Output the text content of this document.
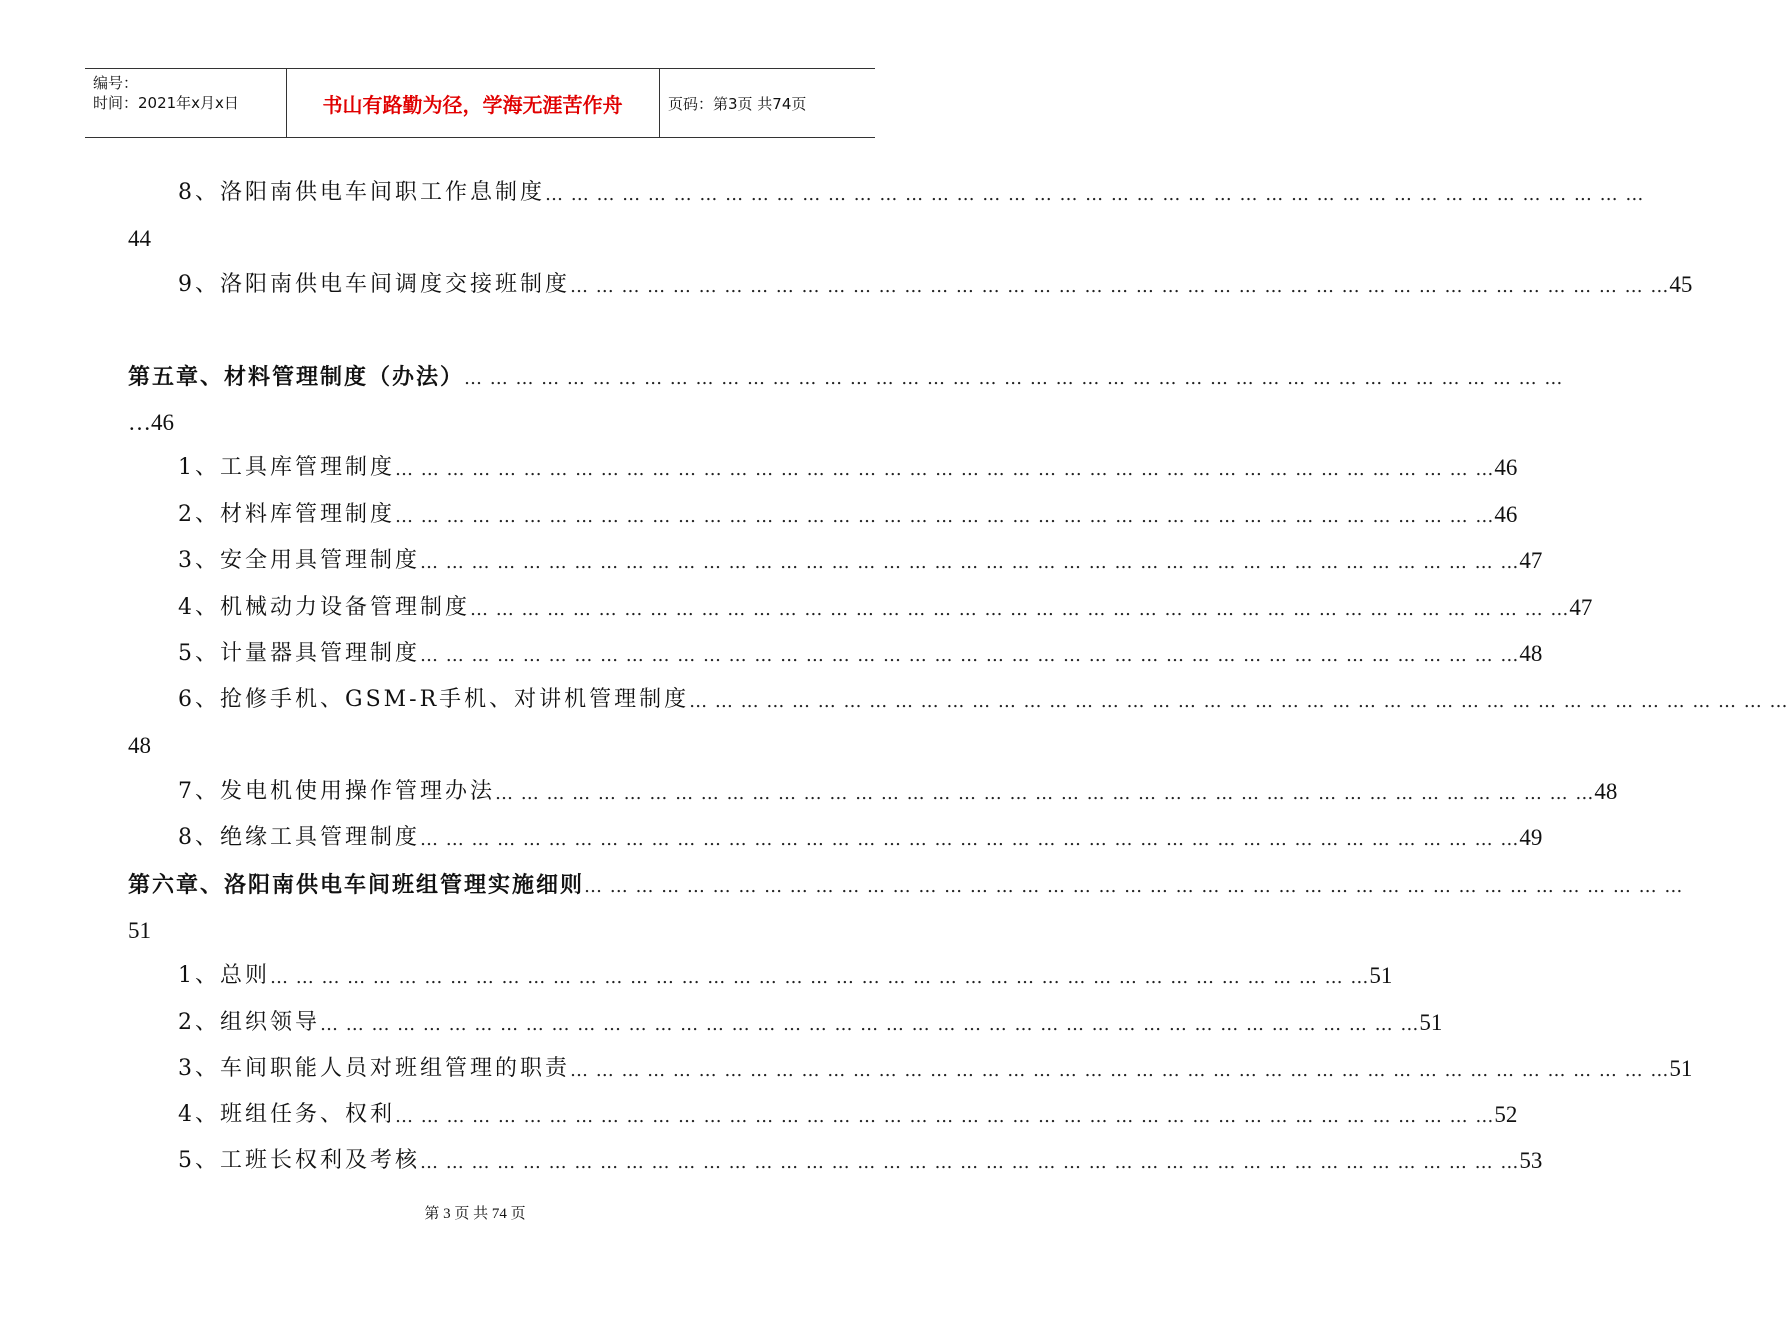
编号：
时间：2021年x月x日	书山有路勤为径，学海无涯苦作舟	页码：第3页 共74页
8、 洛阳南供电车间职工作息制度 … … … … … … … … … … … … … … … … … … … … … … … … … … … … … … … … … … … … … … … … … … …
44
9、 洛阳南供电车间调度交接班制度 … … … … … … … … … … … … … … … … … … … … … … … … … … … … … … … … … … … … … … … … … … … 45
第五章、材料管理制度（办法） … … … … … … … … … … … … … … … … … … … … … … … … … … … … … … … … … … … … … … … … … … …
…46
1、 工具库管理制度 … … … … … … … … … … … … … … … … … … … … … … … … … … … … … … … … … … … … … … … … … … … 46
2、 材料库管理制度 … … … … … … … … … … … … … … … … … … … … … … … … … … … … … … … … … … … … … … … … … … … 46
3、 安全用具管理制度 … … … … … … … … … … … … … … … … … … … … … … … … … … … … … … … … … … … … … … … … … … … 47
4、 机械动力设备管理制度 … … … … … … … … … … … … … … … … … … … … … … … … … … … … … … … … … … … … … … … … … … … 47
5、 计量器具管理制度 … … … … … … … … … … … … … … … … … … … … … … … … … … … … … … … … … … … … … … … … … … … 48
6、 抢修手机、GSM-R手机、对讲机管理制度 … … … … … … … … … … … … … … … … … … … … … … … … … … … … … … … … … … … … … … … … … … …
48
7、 发电机使用操作管理办法 … … … … … … … … … … … … … … … … … … … … … … … … … … … … … … … … … … … … … … … … … … … 48
8、 绝缘工具管理制度 … … … … … … … … … … … … … … … … … … … … … … … … … … … … … … … … … … … … … … … … … … … 49
第六章、洛阳南供电车间班组管理实施细则 … … … … … … … … … … … … … … … … … … … … … … … … … … … … … … … … … … … … … … … … … … …
51
1、 总则 … … … … … … … … … … … … … … … … … … … … … … … … … … … … … … … … … … … … … … … … … … … 51
2、 组织领导 … … … … … … … … … … … … … … … … … … … … … … … … … … … … … … … … … … … … … … … … … … … 51
3、 车间职能人员对班组管理的职责 … … … … … … … … … … … … … … … … … … … … … … … … … … … … … … … … … … … … … … … … … … … 51
4、 班组任务、权利 … … … … … … … … … … … … … … … … … … … … … … … … … … … … … … … … … … … … … … … … … … … 52
5、 工班长权利及考核 … … … … … … … … … … … … … … … … … … … … … … … … … … … … … … … … … … … … … … … … … … … 53
第 3 页 共 74 页
